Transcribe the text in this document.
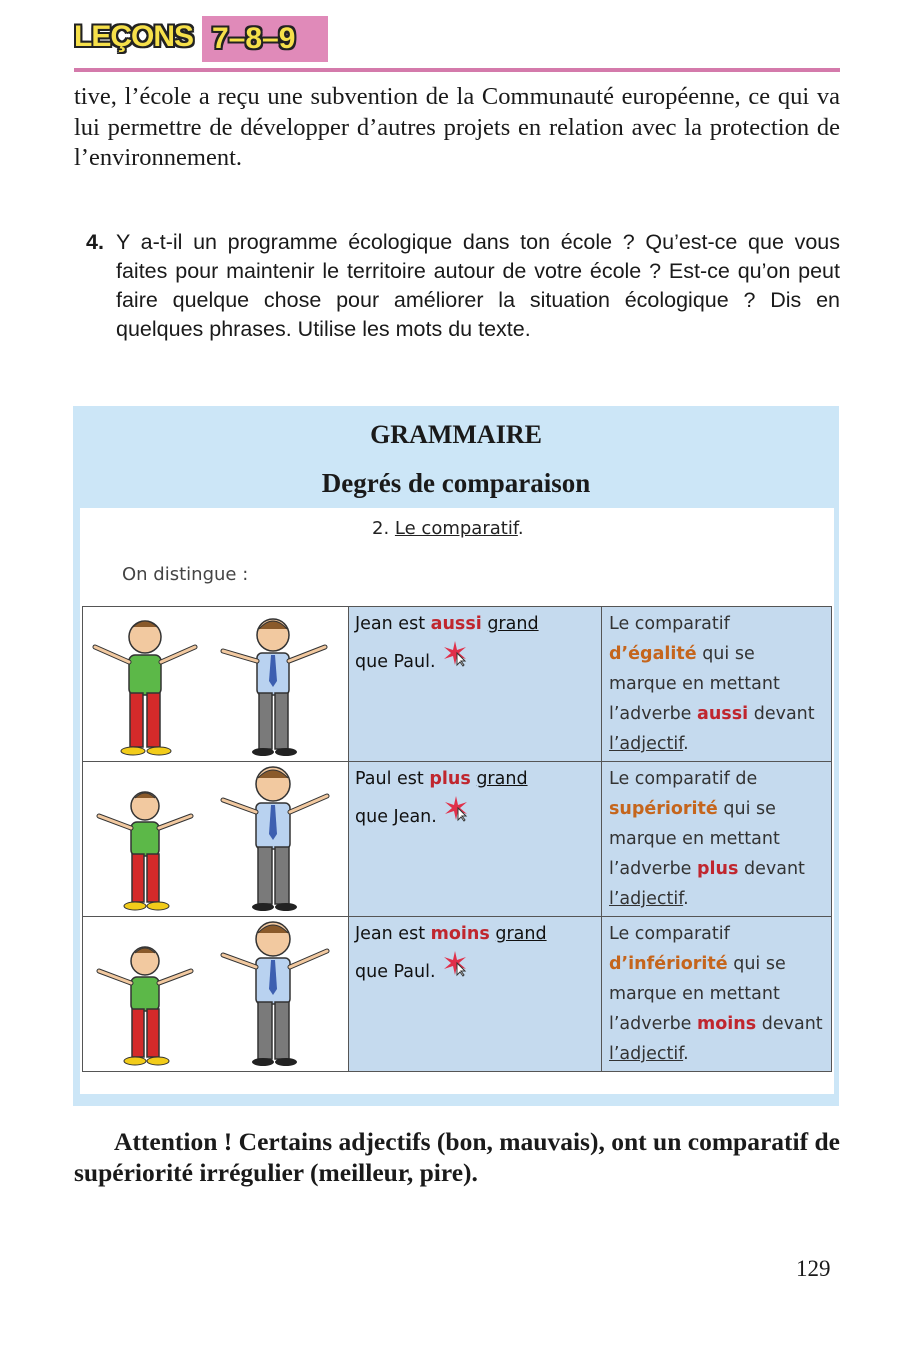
LEÇONS 7–8–9

tive, l’école a reçu une subvention de la Communauté européenne, ce qui va lui permettre de développer d’autres projets en relation avec la protection de l’environnement.

4. Y a-t-il un programme écologique dans ton école ? Qu’est-ce que vous faites pour maintenir le territoire autour de votre école ? Est-ce qu’on peut faire quelque chose pour améliorer la situation écologique ? Dis en quelques phrases. Utilise les mots du texte.

GRAMMAIRE
Degrés de comparaison
2. Le comparatif.
On distingue :
	Jean est aussi grand
que Paul.	Le comparatif
d’égalité qui se marque en mettant l’adverbe aussi devant l’adjectif.

	Paul est plus grand
que Jean.	Le comparatif de
supériorité qui se marque en mettant l’adverbe plus devant l’adjectif.

	Jean est moins grand
que Paul.	Le comparatif
d’infériorité qui se marque en mettant l’adverbe moins devant l’adjectif.

Attention ! Certains adjectifs (bon, mauvais), ont un comparatif de supériorité irrégulier (meilleur, pire).

129
